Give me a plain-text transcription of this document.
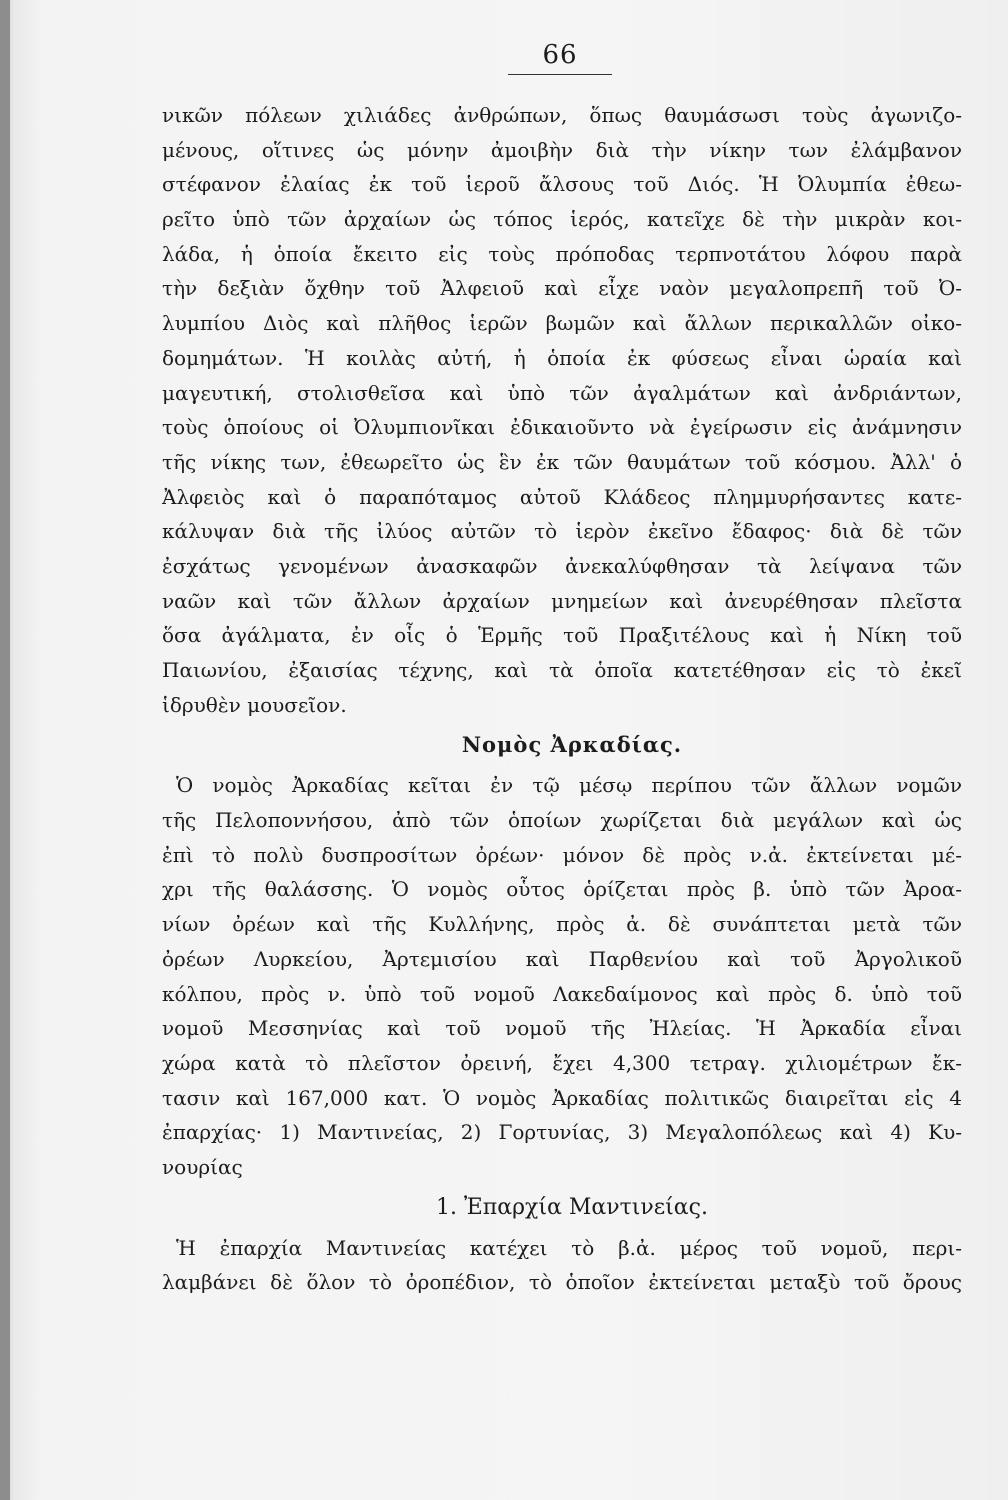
66
νικῶν πόλεων χιλιάδες ἀνθρώπων, ὅπως θαυμάσωσι τοὺς ἀγωνιζο-
μένους, οἵτινες ὡς μόνην ἀμοιβὴν διὰ τὴν νίκην των ἐλάμβανον
στέφανον ἐλαίας ἐκ τοῦ ἱεροῦ ἄλσους τοῦ Διός. Ἡ Ὀλυμπία ἐθεω-
ρεῖτο ὑπὸ τῶν ἀρχαίων ὡς τόπος ἱερός, κατεῖχε δὲ τὴν μικρὰν κοι-
λάδα, ἡ ὁποία ἔκειτο εἰς τοὺς πρόποδας τερπνοτάτου λόφου παρὰ
τὴν δεξιὰν ὄχθην τοῦ Ἀλφειοῦ καὶ εἶχε ναὸν μεγαλοπρεπῆ τοῦ Ὀ-
λυμπίου Διὸς καὶ πλῆθος ἱερῶν βωμῶν καὶ ἄλλων περικαλλῶν οἰκο-
δομημάτων. Ἡ κοιλὰς αὐτή, ἡ ὁποία ἐκ φύσεως εἶναι ὡραία καὶ
μαγευτική, στολισθεῖσα καὶ ὑπὸ τῶν ἀγαλμάτων καὶ ἀνδριάντων,
τοὺς ὁποίους οἱ Ὀλυμπιονῖκαι ἐδικαιοῦντο νὰ ἐγείρωσιν εἰς ἀνάμνησιν
τῆς νίκης των, ἐθεωρεῖτο ὡς ἓν ἐκ τῶν θαυμάτων τοῦ κόσμου. Ἀλλ' ὁ
Ἀλφειὸς καὶ ὁ παραπόταμος αὐτοῦ Κλάδεος πλημμυρήσαντες κατε-
κάλυψαν διὰ τῆς ἰλύος αὐτῶν τὸ ἱερὸν ἐκεῖνο ἔδαφος· διὰ δὲ τῶν
ἐσχάτως γενομένων ἀνασκαφῶν ἀνεκαλύφθησαν τὰ λείψανα τῶν
ναῶν καὶ τῶν ἄλλων ἀρχαίων μνημείων καὶ ἀνευρέθησαν πλεῖστα
ὅσα ἀγάλματα, ἐν οἷς ὁ Ἑρμῆς τοῦ Πραξιτέλους καὶ ἡ Νίκη τοῦ
Παιωνίου, ἐξαισίας τέχνης, καὶ τὰ ὁποῖα κατετέθησαν εἰς τὸ ἐκεῖ
ἱδρυθὲν μουσεῖον.
Νομὸς Ἀρκαδίας.
Ὁ νομὸς Ἀρκαδίας κεῖται ἐν τῷ μέσῳ περίπου τῶν ἄλλων νομῶν
τῆς Πελοποννήσου, ἀπὸ τῶν ὁποίων χωρίζεται διὰ μεγάλων καὶ ὡς
ἐπὶ τὸ πολὺ δυσπροσίτων ὀρέων· μόνον δὲ πρὸς ν.ἀ. ἐκτείνεται μέ-
χρι τῆς θαλάσσης. Ὁ νομὸς οὗτος ὁρίζεται πρὸς β. ὑπὸ τῶν Ἀροα-
νίων ὀρέων καὶ τῆς Κυλλήνης, πρὸς ἀ. δὲ συνάπτεται μετὰ τῶν
ὀρέων Λυρκείου, Ἀρτεμισίου καὶ Παρθενίου καὶ τοῦ Ἀργολικοῦ
κόλπου, πρὸς ν. ὑπὸ τοῦ νομοῦ Λακεδαίμονος καὶ πρὸς δ. ὑπὸ τοῦ
νομοῦ Μεσσηνίας καὶ τοῦ νομοῦ τῆς Ἠλείας. Ἡ Ἀρκαδία εἶναι
χώρα κατὰ τὸ πλεῖστον ὀρεινή, ἔχει 4,300 τετραγ. χιλιομέτρων ἔκ-
τασιν καὶ 167,000 κατ. Ὁ νομὸς Ἀρκαδίας πολιτικῶς διαιρεῖται εἰς 4
ἐπαρχίας· 1) Μαντινείας, 2) Γορτυνίας, 3) Μεγαλοπόλεως καὶ 4) Κυ-
νουρίας
1. Ἐπαρχία Μαντινείας.
Ἡ ἐπαρχία Μαντινείας κατέχει τὸ β.ἀ. μέρος τοῦ νομοῦ, περι-
λαμβάνει δὲ ὅλον τὸ ὀροπέδιον, τὸ ὁποῖον ἐκτείνεται μεταξὺ τοῦ ὄρους
